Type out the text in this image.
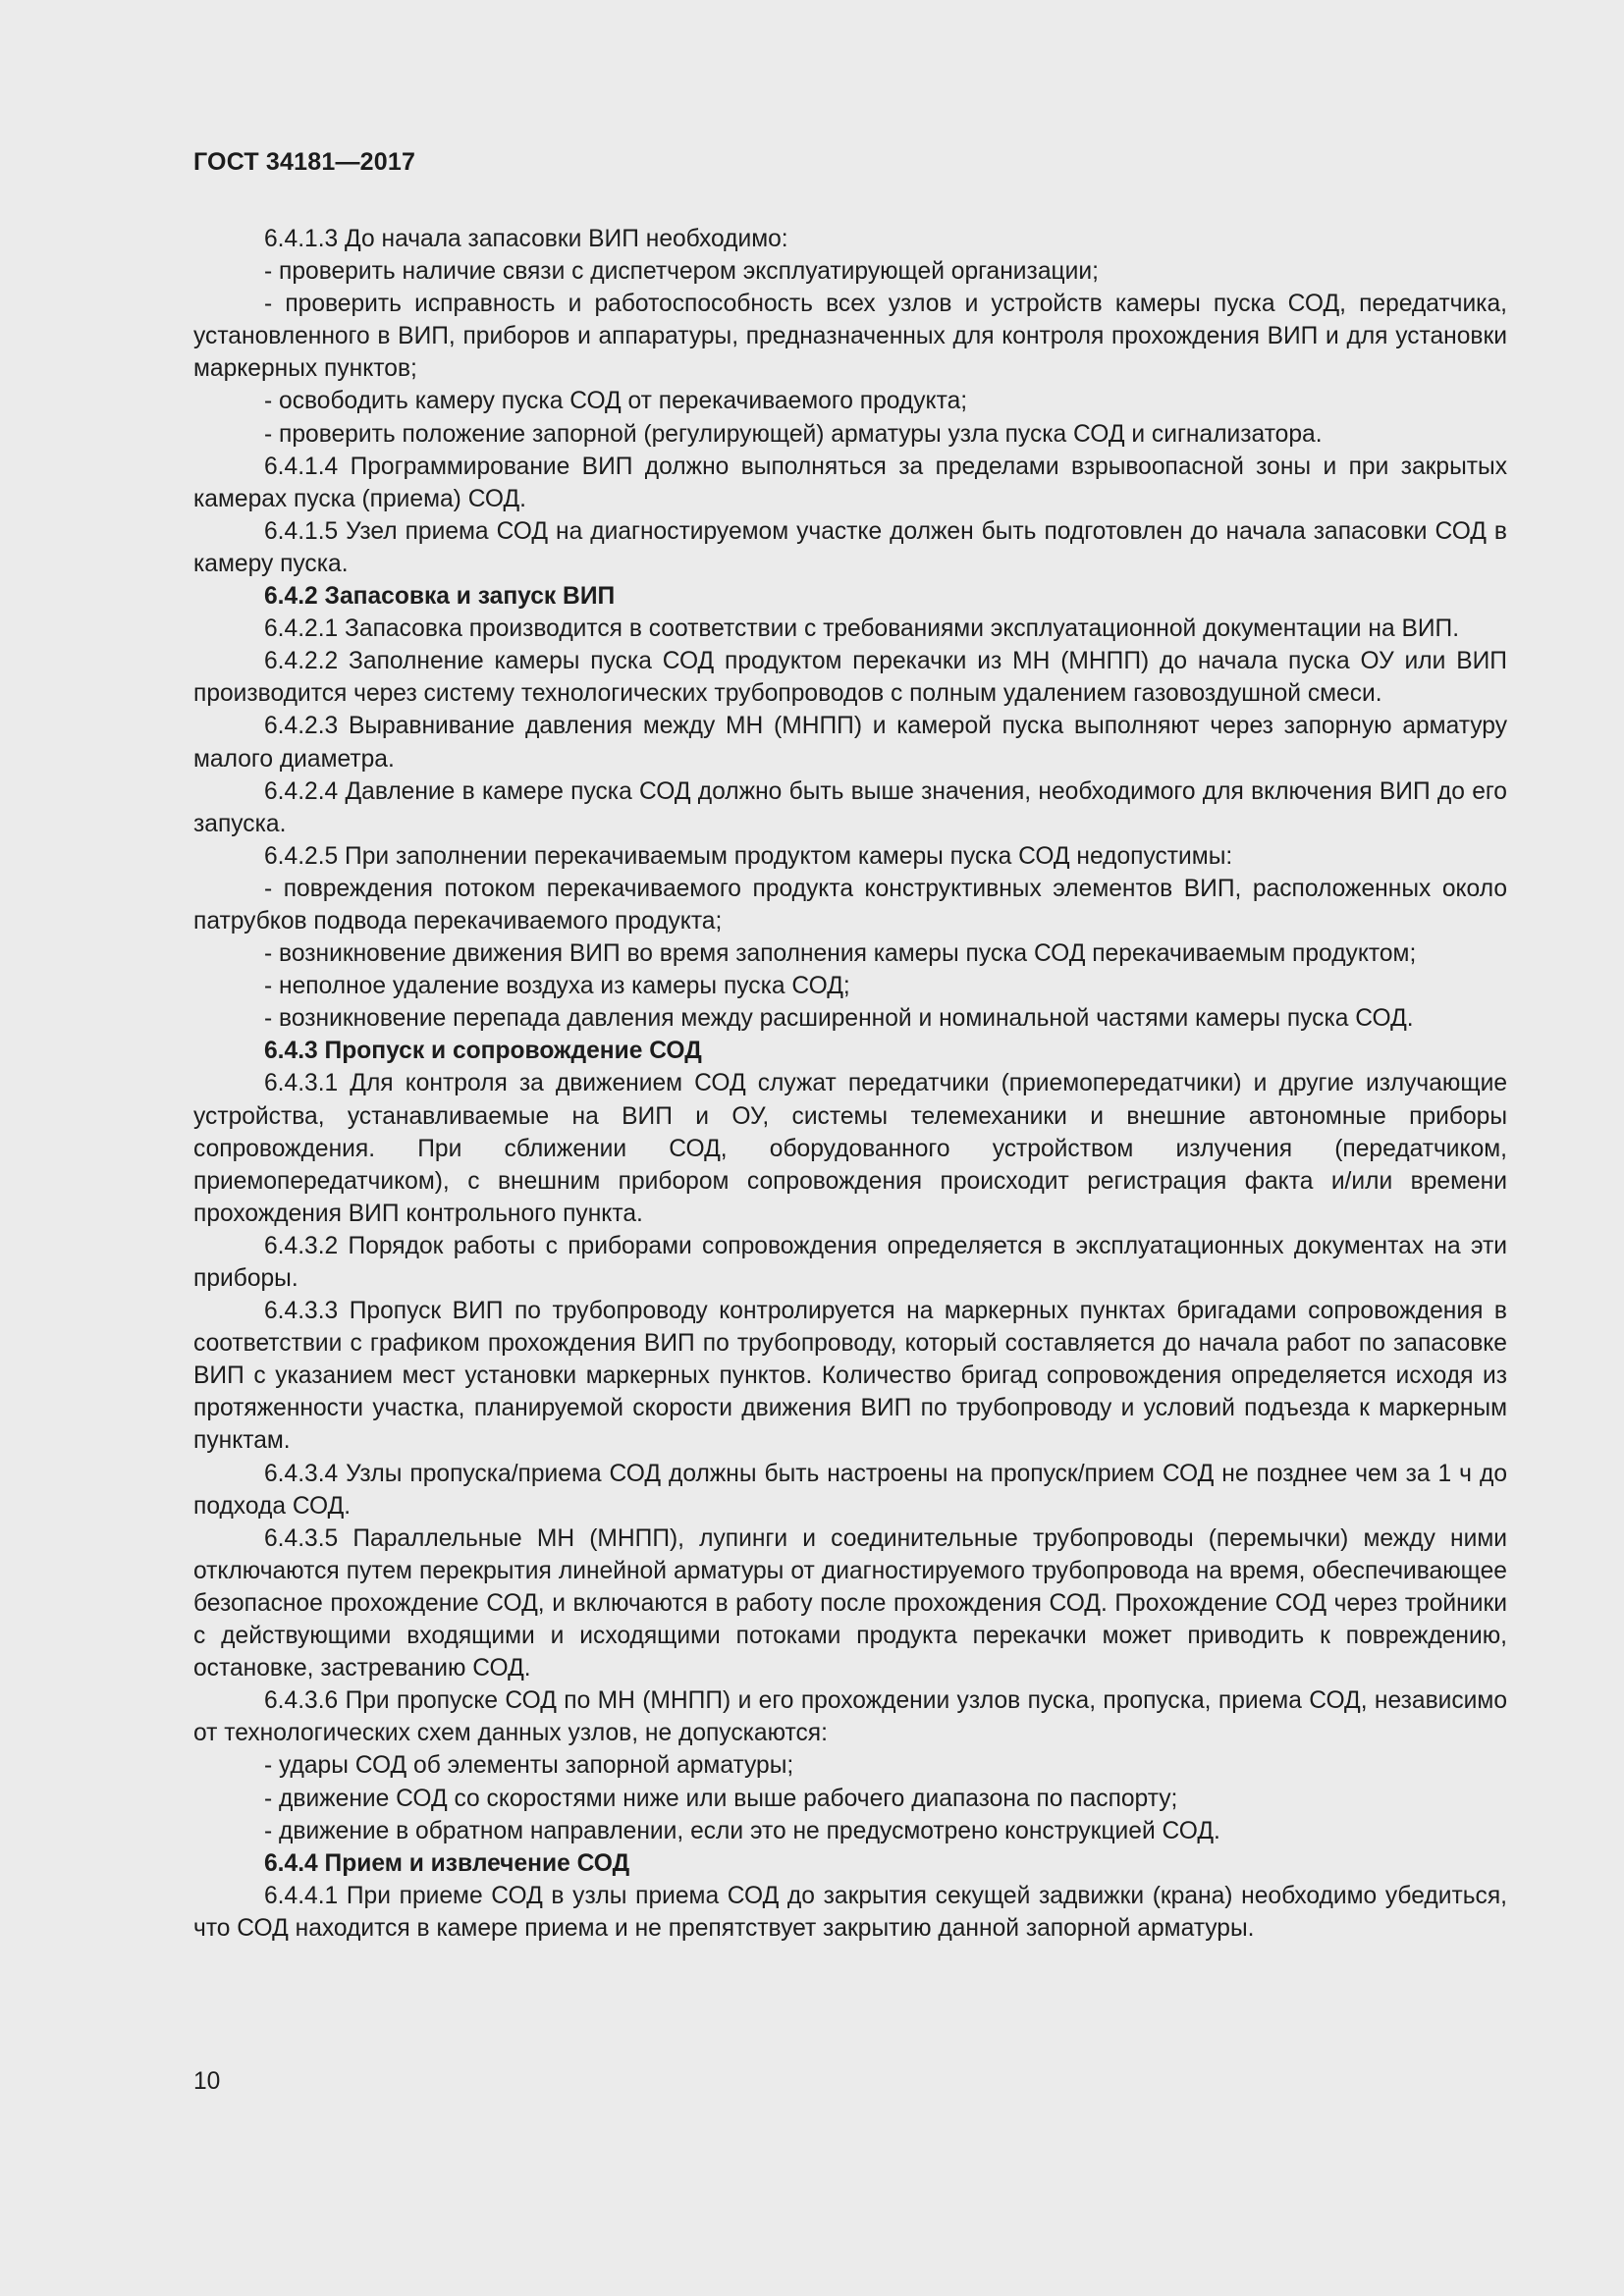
ГОСТ 34181—2017

6.4.1.3 До начала запасовки ВИП необходимо:

- проверить наличие связи с диспетчером эксплуатирующей организации;

- проверить исправность и работоспособность всех узлов и устройств камеры пуска СОД, передатчика, установленного в ВИП, приборов и аппаратуры, предназначенных для контроля прохождения ВИП и для установки маркерных пунктов;

- освободить камеру пуска СОД от перекачиваемого продукта;

- проверить положение запорной (регулирующей) арматуры узла пуска СОД и сигнализатора.

6.4.1.4 Программирование ВИП должно выполняться за пределами взрывоопасной зоны и при закрытых камерах пуска (приема) СОД.

6.4.1.5 Узел приема СОД на диагностируемом участке должен быть подготовлен до начала запасовки СОД в камеру пуска.

6.4.2 Запасовка и запуск ВИП

6.4.2.1 Запасовка производится в соответствии с требованиями эксплуатационной документации на ВИП.

6.4.2.2 Заполнение камеры пуска СОД продуктом перекачки из МН (МНПП) до начала пуска ОУ или ВИП производится через систему технологических трубопроводов с полным удалением газовоздушной смеси.

6.4.2.3 Выравнивание давления между МН (МНПП) и камерой пуска выполняют через запорную арматуру малого диаметра.

6.4.2.4 Давление в камере пуска СОД должно быть выше значения, необходимого для включения ВИП до его запуска.

6.4.2.5 При заполнении перекачиваемым продуктом камеры пуска СОД недопустимы:

- повреждения потоком перекачиваемого продукта конструктивных элементов ВИП, расположенных около патрубков подвода перекачиваемого продукта;

- возникновение движения ВИП во время заполнения камеры пуска СОД перекачиваемым продуктом;

- неполное удаление воздуха из камеры пуска СОД;

- возникновение перепада давления между расширенной и номинальной частями камеры пуска СОД.

6.4.3 Пропуск и сопровождение СОД

6.4.3.1 Для контроля за движением СОД служат передатчики (приемопередатчики) и другие излучающие устройства, устанавливаемые на ВИП и ОУ, системы телемеханики и внешние автономные приборы сопровождения. При сближении СОД, оборудованного устройством излучения (передатчиком, приемопередатчиком), с внешним прибором сопровождения происходит регистрация факта и/или времени прохождения ВИП контрольного пункта.

6.4.3.2 Порядок работы с приборами сопровождения определяется в эксплуатационных документах на эти приборы.

6.4.3.3 Пропуск ВИП по трубопроводу контролируется на маркерных пунктах бригадами сопровождения в соответствии с графиком прохождения ВИП по трубопроводу, который составляется до начала работ по запасовке ВИП с указанием мест установки маркерных пунктов. Количество бригад сопровождения определяется исходя из протяженности участка, планируемой скорости движения ВИП по трубопроводу и условий подъезда к маркерным пунктам.

6.4.3.4 Узлы пропуска/приема СОД должны быть настроены на пропуск/прием СОД не позднее чем за 1 ч до подхода СОД.

6.4.3.5 Параллельные МН (МНПП), лупинги и соединительные трубопроводы (перемычки) между ними отключаются путем перекрытия линейной арматуры от диагностируемого трубопровода на время, обеспечивающее безопасное прохождение СОД, и включаются в работу после прохождения СОД. Прохождение СОД через тройники с действующими входящими и исходящими потоками продукта перекачки может приводить к повреждению, остановке, застреванию СОД.

6.4.3.6 При пропуске СОД по МН (МНПП) и его прохождении узлов пуска, пропуска, приема СОД, независимо от технологических схем данных узлов, не допускаются:

- удары СОД об элементы запорной арматуры;

- движение СОД со скоростями ниже или выше рабочего диапазона по паспорту;

- движение в обратном направлении, если это не предусмотрено конструкцией СОД.

6.4.4 Прием и извлечение СОД

6.4.4.1 При приеме СОД в узлы приема СОД до закрытия секущей задвижки (крана) необходимо убедиться, что СОД находится в камере приема и не препятствует закрытию данной запорной арматуры.

10
